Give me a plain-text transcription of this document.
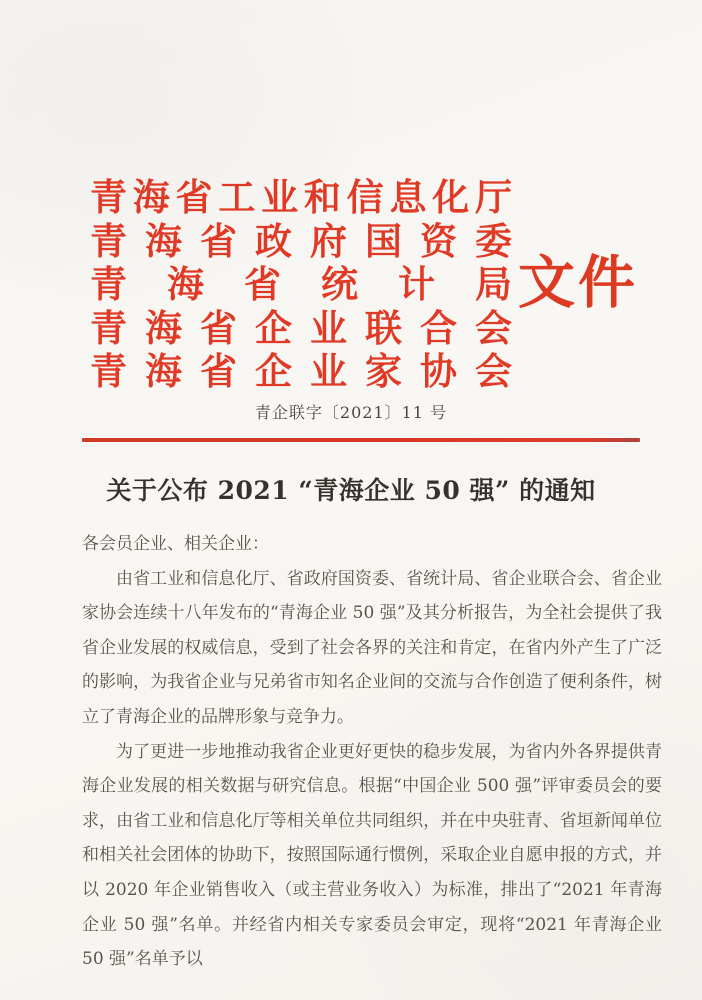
青海省工业和信息化厅
青海省政府国资委
青海省统计局
青海省企业联合会
青海省企业家协会
文件
青企联字〔2021〕11 号
关于公布 2021 “青海企业 50 强” 的通知

各会员企业、相关企业：

由省工业和信息化厅、省政府国资委、省统计局、省企业联合会、省企业家协会连续十八年发布的“青海企业 50 强”及其分析报告，为全社会提供了我省企业发展的权威信息，受到了社会各界的关注和肯定，在省内外产生了广泛的影响，为我省企业与兄弟省市知名企业间的交流与合作创造了便利条件，树立了青海企业的品牌形象与竞争力。

为了更进一步地推动我省企业更好更快的稳步发展，为省内外各界提供青海企业发展的相关数据与研究信息。根据“中国企业 500 强”评审委员会的要求，由省工业和信息化厅等相关单位共同组织，并在中央驻青、省垣新闻单位和相关社会团体的协助下，按照国际通行惯例，采取企业自愿申报的方式，并以 2020 年企业销售收入（或主营业务收入）为标准，排出了“2021 年青海企业 50 强”名单。并经省内相关专家委员会审定，现将“2021 年青海企业 50 强”名单予以
